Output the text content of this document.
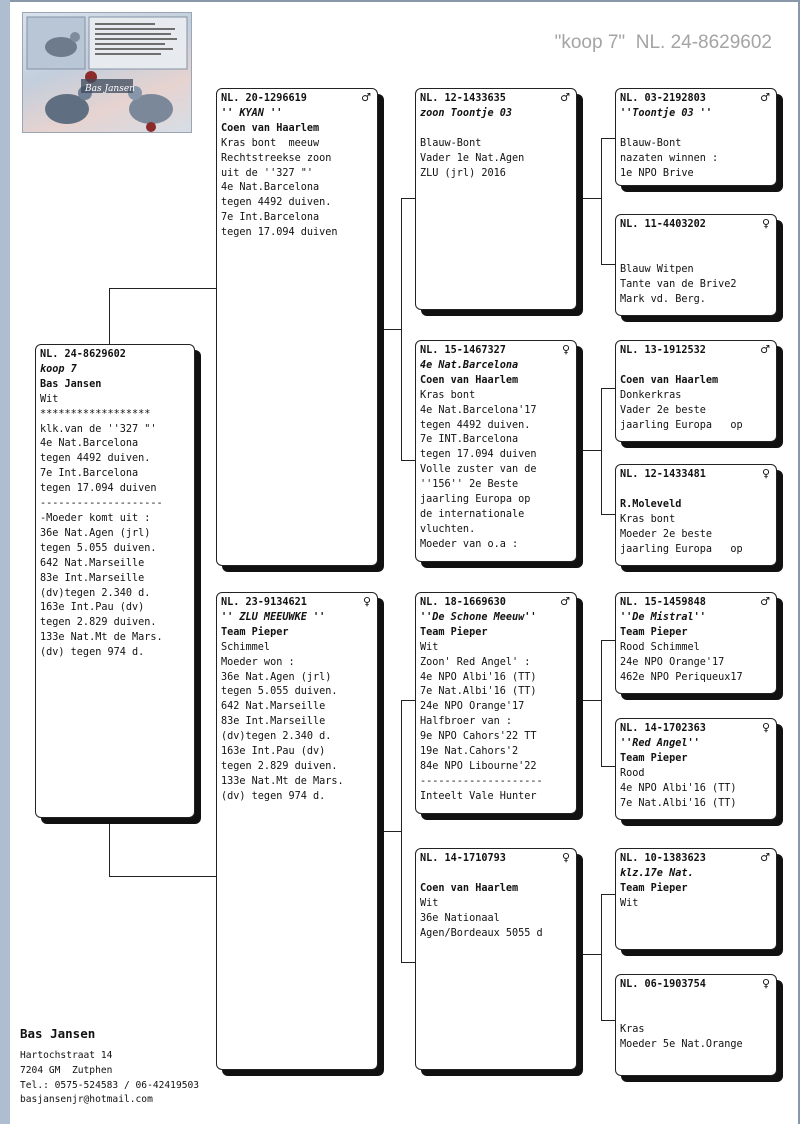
Bas Jansen
"koop 7"  NL. 24-8629602
NL. 24-8629602
koop 7
Bas Jansen
Wit
******************
klk.van de ''327 "'
4e Nat.Barcelona
tegen 4492 duiven.
7e Int.Barcelona
tegen 17.094 duiven
--------------------
-Moeder komt uit :
36e Nat.Agen (jrl)
tegen 5.055 duiven.
642 Nat.Marseille
83e Int.Marseille
(dv)tegen 2.340 d.
163e Int.Pau (dv)
tegen 2.829 duiven.
133e Nat.Mt de Mars.
(dv) tegen 974 d.
NL. 20-1296619	♂
'' KYAN ''
Coen van Haarlem
Kras bont  meeuw
Rechtstreekse zoon
uit de ''327 "'
4e Nat.Barcelona
tegen 4492 duiven.
7e Int.Barcelona
tegen 17.094 duiven
NL. 23-9134621	♀
'' ZLU MEEUWKE ''
Team Pieper
Schimmel
Moeder won :
36e Nat.Agen (jrl)
tegen 5.055 duiven.
642 Nat.Marseille
83e Int.Marseille
(dv)tegen 2.340 d.
163e Int.Pau (dv)
tegen 2.829 duiven.
133e Nat.Mt de Mars.
(dv) tegen 974 d.
NL. 12-1433635	♂
zoon Toontje 03
Blauw-Bont
Vader 1e Nat.Agen
ZLU (jrl) 2016
NL. 15-1467327	♀
4e Nat.Barcelona
Coen van Haarlem
Kras bont
4e Nat.Barcelona'17
tegen 4492 duiven.
7e INT.Barcelona
tegen 17.094 duiven
Volle zuster van de
''156'' 2e Beste
jaarling Europa op
de internationale
vluchten.
Moeder van o.a :
NL. 18-1669630	♂
''De Schone Meeuw''
Team Pieper
Wit
Zoon' Red Angel' :
4e NPO Albi'16 (TT)
7e Nat.Albi'16 (TT)
24e NPO Orange'17
Halfbroer van :
9e NPO Cahors'22 TT
19e Nat.Cahors'2
84e NPO Libourne'22
--------------------
Inteelt Vale Hunter
NL. 14-1710793	♀
Coen van Haarlem
Wit
36e Nationaal
Agen/Bordeaux 5055 d
NL. 03-2192803	♂
''Toontje 03 ''
Blauw-Bont
nazaten winnen :
1e NPO Brive
NL. 11-4403202	♀
Blauw Witpen
Tante van de Brive2
Mark vd. Berg.
NL. 13-1912532	♂
Coen van Haarlem
Donkerkras
Vader 2e beste
jaarling Europa   op
NL. 12-1433481	♀
R.Moleveld
Kras bont
Moeder 2e beste
jaarling Europa   op
NL. 15-1459848	♂
''De Mistral''
Team Pieper
Rood Schimmel
24e NPO Orange'17
462e NPO Periqueux17
NL. 14-1702363	♀
''Red Angel''
Team Pieper
Rood
4e NPO Albi'16 (TT)
7e Nat.Albi'16 (TT)
NL. 10-1383623	♂
klz.17e Nat.
Team Pieper
Wit
NL. 06-1903754	♀
Kras
Moeder 5e Nat.Orange
Bas Jansen
Hartochstraat 14
7204 GM  Zutphen
Tel.: 0575-524583 / 06-42419503
basjansenjr@hotmail.com
